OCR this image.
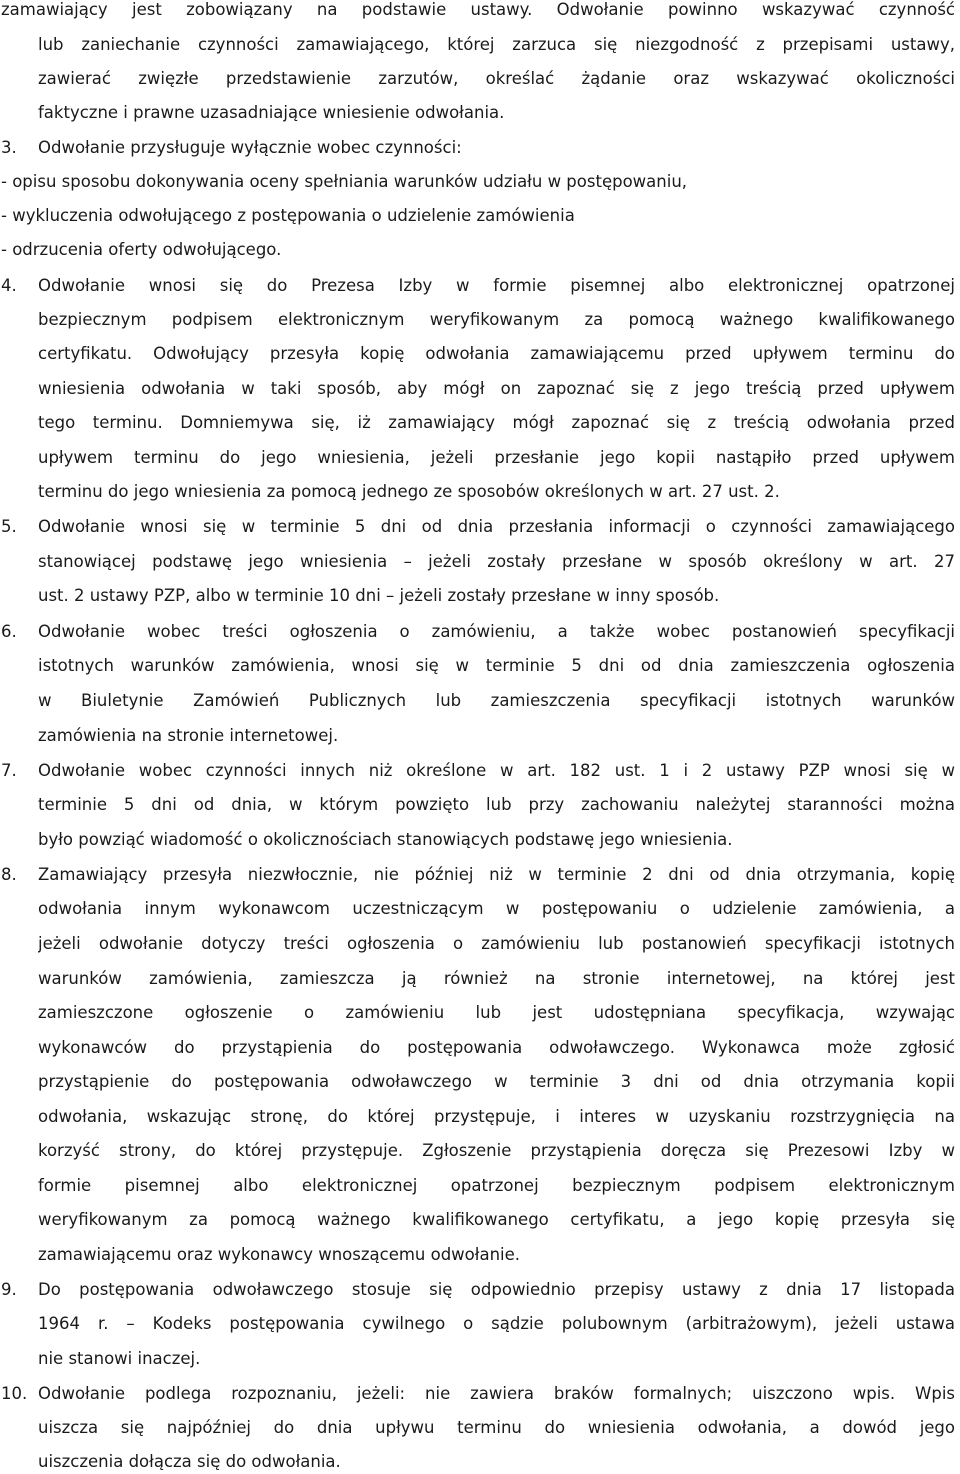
zamawiający jest zobowiązany na podstawie ustawy. Odwołanie powinno wskazywać czynność
lub zaniechanie czynności zamawiającego, której zarzuca się niezgodność z przepisami ustawy,
zawierać zwięzłe przedstawienie zarzutów, określać żądanie oraz wskazywać okoliczności
faktyczne i prawne uzasadniające wniesienie odwołania.
3. Odwołanie przysługuje wyłącznie wobec czynności:
- opisu sposobu dokonywania oceny spełniania warunków udziału w postępowaniu,
- wykluczenia odwołującego z postępowania o udzielenie zamówienia
- odrzucenia oferty odwołującego.
4. Odwołanie wnosi się do Prezesa Izby w formie pisemnej albo elektronicznej opatrzonej
bezpiecznym podpisem elektronicznym weryfikowanym za pomocą ważnego kwalifikowanego
certyfikatu. Odwołujący przesyła kopię odwołania zamawiającemu przed upływem terminu do
wniesienia odwołania w taki sposób, aby mógł on zapoznać się z jego treścią przed upływem
tego terminu. Domniemywa się, iż zamawiający mógł zapoznać się z treścią odwołania przed
upływem terminu do jego wniesienia, jeżeli przesłanie jego kopii nastąpiło przed upływem
terminu do jego wniesienia za pomocą jednego ze sposobów określonych w art. 27 ust. 2.
5. Odwołanie wnosi się w terminie 5 dni od dnia przesłania informacji o czynności zamawiającego
stanowiącej podstawę jego wniesienia – jeżeli zostały przesłane w sposób określony w art. 27
ust. 2 ustawy PZP, albo w terminie 10 dni – jeżeli zostały przesłane w inny sposób.
6. Odwołanie wobec treści ogłoszenia o zamówieniu, a także wobec postanowień specyfikacji
istotnych warunków zamówienia, wnosi się w terminie 5 dni od dnia zamieszczenia ogłoszenia
w Biuletynie Zamówień Publicznych lub zamieszczenia specyfikacji istotnych warunków
zamówienia na stronie internetowej.
7. Odwołanie wobec czynności innych niż określone w art. 182 ust. 1 i 2 ustawy PZP wnosi się w
terminie 5 dni od dnia, w którym powzięto lub przy zachowaniu należytej staranności można
było powziąć wiadomość o okolicznościach stanowiących podstawę jego wniesienia.
8. Zamawiający przesyła niezwłocznie, nie później niż w terminie 2 dni od dnia otrzymania, kopię
odwołania innym wykonawcom uczestniczącym w postępowaniu o udzielenie zamówienia, a
jeżeli odwołanie dotyczy treści ogłoszenia o zamówieniu lub postanowień specyfikacji istotnych
warunków zamówienia, zamieszcza ją również na stronie internetowej, na której jest
zamieszczone ogłoszenie o zamówieniu lub jest udostępniana specyfikacja, wzywając
wykonawców do przystąpienia do postępowania odwoławczego. Wykonawca może zgłosić
przystąpienie do postępowania odwoławczego w terminie 3 dni od dnia otrzymania kopii
odwołania, wskazując stronę, do której przystępuje, i interes w uzyskaniu rozstrzygnięcia na
korzyść strony, do której przystępuje. Zgłoszenie przystąpienia doręcza się Prezesowi Izby w
formie pisemnej albo elektronicznej opatrzonej bezpiecznym podpisem elektronicznym
weryfikowanym za pomocą ważnego kwalifikowanego certyfikatu, a jego kopię przesyła się
zamawiającemu oraz wykonawcy wnoszącemu odwołanie.
9. Do postępowania odwoławczego stosuje się odpowiednio przepisy ustawy z dnia 17 listopada
1964 r. – Kodeks postępowania cywilnego o sądzie polubownym (arbitrażowym), jeżeli ustawa
nie stanowi inaczej.
10. Odwołanie podlega rozpoznaniu, jeżeli: nie zawiera braków formalnych; uiszczono wpis. Wpis
uiszcza się najpóźniej do dnia upływu terminu do wniesienia odwołania, a dowód jego
uiszczenia dołącza się do odwołania.
